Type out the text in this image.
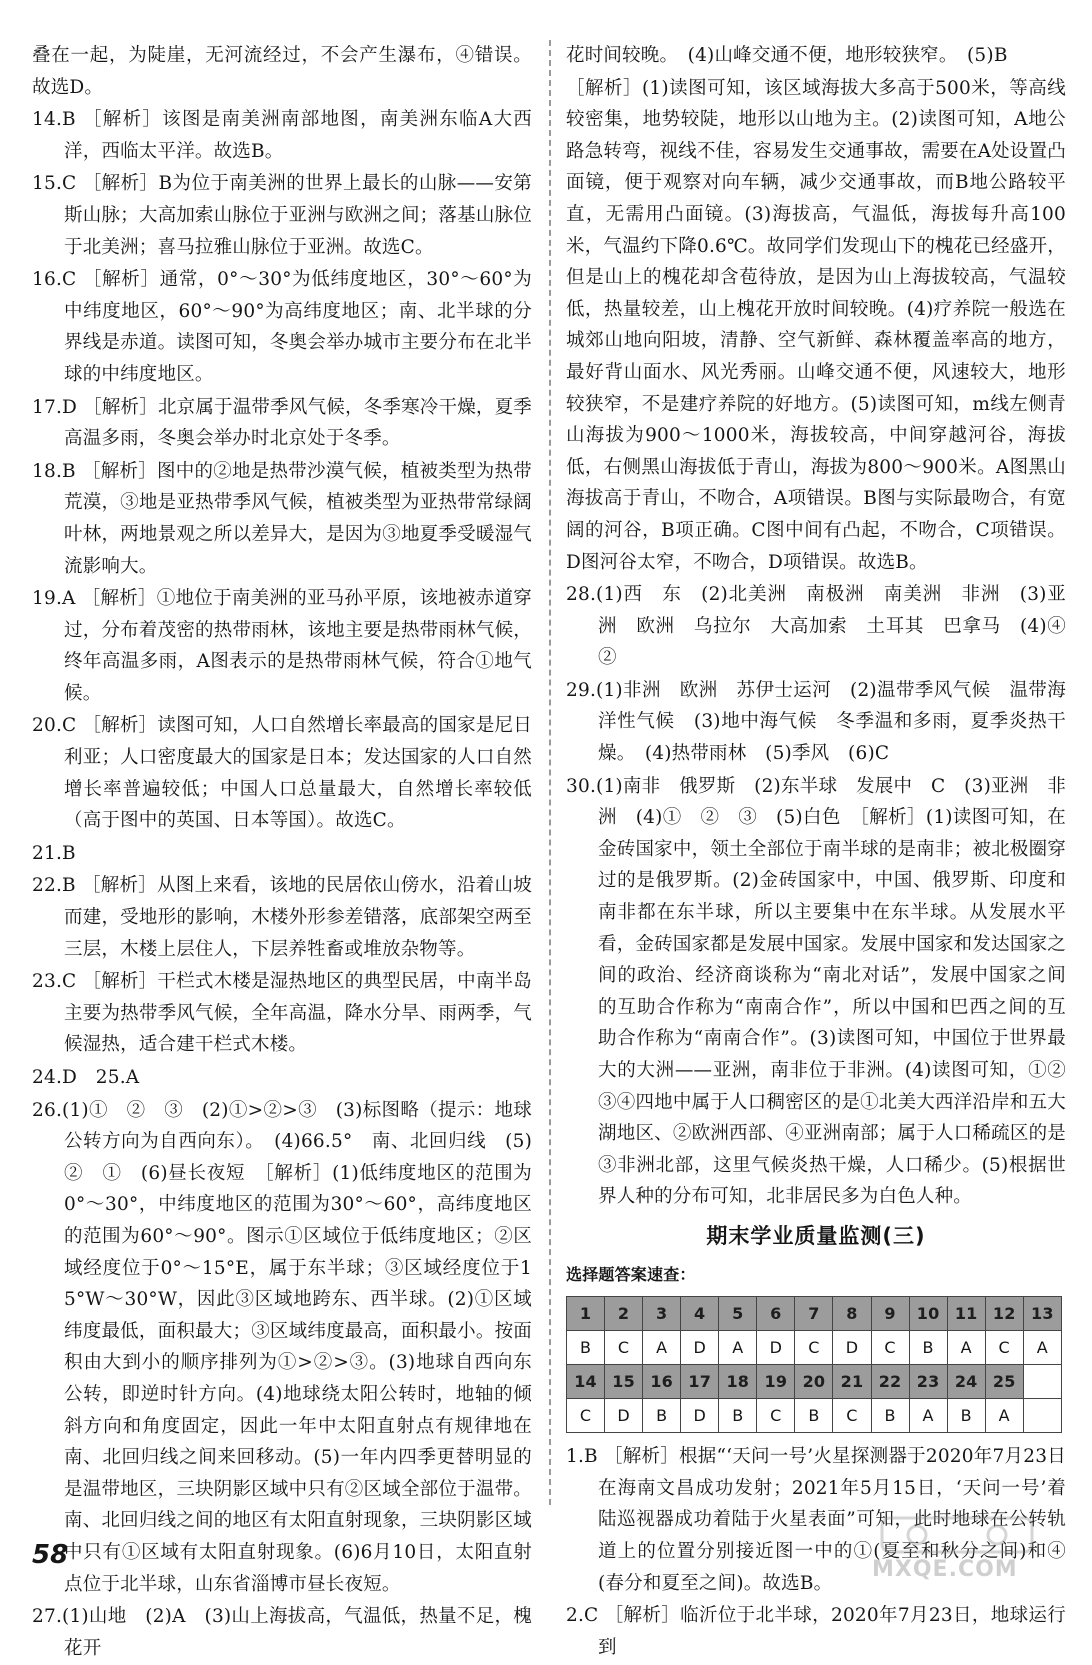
叠在一起，为陡崖，无河流经过，不会产生瀑布，④错误。故选D。

14.B ［解析］该图是南美洲南部地图，南美洲东临A大西洋，西临太平洋。故选B。

15.C ［解析］B为位于南美洲的世界上最长的山脉——安第斯山脉；大高加索山脉位于亚洲与欧洲之间；落基山脉位于北美洲；喜马拉雅山脉位于亚洲。故选C。

16.C ［解析］通常，0°～30°为低纬度地区，30°～60°为中纬度地区，60°～90°为高纬度地区；南、北半球的分界线是赤道。读图可知，冬奥会举办城市主要分布在北半球的中纬度地区。

17.D ［解析］北京属于温带季风气候，冬季寒冷干燥，夏季高温多雨，冬奥会举办时北京处于冬季。

18.B ［解析］图中的②地是热带沙漠气候，植被类型为热带荒漠，③地是亚热带季风气候，植被类型为亚热带常绿阔叶林，两地景观之所以差异大，是因为③地夏季受暖湿气流影响大。

19.A ［解析］①地位于南美洲的亚马孙平原，该地被赤道穿过，分布着茂密的热带雨林，该地主要是热带雨林气候，终年高温多雨，A图表示的是热带雨林气候，符合①地气候。

20.C ［解析］读图可知，人口自然增长率最高的国家是尼日利亚；人口密度最大的国家是日本；发达国家的人口自然增长率普遍较低；中国人口总量最大，自然增长率较低（高于图中的英国、日本等国）。故选C。

21.B

22.B ［解析］从图上来看，该地的民居依山傍水，沿着山坡而建，受地形的影响，木楼外形参差错落，底部架空两至三层，木楼上层住人，下层养牲畜或堆放杂物等。

23.C ［解析］干栏式木楼是湿热地区的典型民居，中南半岛主要为热带季风气候，全年高温，降水分旱、雨两季，气候湿热，适合建干栏式木楼。

24.D　25.A

26.(1)①　②　③　(2)①>②>③　(3)标图略（提示：地球公转方向为自西向东）。　(4)66.5°　南、北回归线　(5)②　①　(6)昼长夜短　［解析］(1)低纬度地区的范围为0°～30°，中纬度地区的范围为30°～60°，高纬度地区的范围为60°～90°。图示①区域位于低纬度地区；②区域经度位于0°～15°E，属于东半球；③区域经度位于15°W～30°W，因此③区域地跨东、西半球。(2)①区域纬度最低，面积最大；③区域纬度最高，面积最小。按面积由大到小的顺序排列为①>②>③。(3)地球自西向东公转，即逆时针方向。(4)地球绕太阳公转时，地轴的倾斜方向和角度固定，因此一年中太阳直射点有规律地在南、北回归线之间来回移动。(5)一年内四季更替明显的是温带地区，三块阴影区域中只有②区域全部位于温带。南、北回归线之间的地区有太阳直射现象，三块阴影区域中只有①区域有太阳直射现象。(6)6月10日，太阳直射点位于北半球，山东省淄博市昼长夜短。

27.(1)山地　(2)A　(3)山上海拔高，气温低，热量不足，槐花开

花时间较晚。　(4)山峰交通不便，地形较狭窄。　(5)B

［解析］(1)读图可知，该区域海拔大多高于500米，等高线较密集，地势较陡，地形以山地为主。(2)读图可知，A地公路急转弯，视线不佳，容易发生交通事故，需要在A处设置凸面镜，便于观察对向车辆，减少交通事故，而B地公路较平直，无需用凸面镜。(3)海拔高，气温低，海拔每升高100米，气温约下降0.6℃。故同学们发现山下的槐花已经盛开，但是山上的槐花却含苞待放，是因为山上海拔较高，气温较低，热量较差，山上槐花开放时间较晚。(4)疗养院一般选在城郊山地向阳坡，清静、空气新鲜、森林覆盖率高的地方，最好背山面水、风光秀丽。山峰交通不便，风速较大，地形较狭窄，不是建疗养院的好地方。(5)读图可知，m线左侧青山海拔为900～1000米，海拔较高，中间穿越河谷，海拔低，右侧黑山海拔低于青山，海拔为800～900米。A图黑山海拔高于青山，不吻合，A项错误。B图与实际最吻合，有宽阔的河谷，B项正确。C图中间有凸起，不吻合，C项错误。D图河谷太窄，不吻合，D项错误。故选B。

28.(1)西　东　(2)北美洲　南极洲　南美洲　非洲　(3)亚洲　欧洲　乌拉尔　大高加索　土耳其　巴拿马　(4)④　②

29.(1)非洲　欧洲　苏伊士运河　(2)温带季风气候　温带海洋性气候　(3)地中海气候　冬季温和多雨，夏季炎热干燥。　(4)热带雨林　(5)季风　(6)C

30.(1)南非　俄罗斯　(2)东半球　发展中　C　(3)亚洲　非洲　(4)①　②　③　(5)白色　［解析］(1)读图可知，在金砖国家中，领土全部位于南半球的是南非；被北极圈穿过的是俄罗斯。(2)金砖国家中，中国、俄罗斯、印度和南非都在东半球，所以主要集中在东半球。从发展水平看，金砖国家都是发展中国家。发展中国家和发达国家之间的政治、经济商谈称为“南北对话”，发展中国家之间的互助合作称为“南南合作”，所以中国和巴西之间的互助合作称为“南南合作”。(3)读图可知，中国位于世界最大的大洲——亚洲，南非位于非洲。(4)读图可知，①②③④四地中属于人口稠密区的是①北美大西洋沿岸和五大湖地区、②欧洲西部、④亚洲南部；属于人口稀疏区的是③非洲北部，这里气候炎热干燥，人口稀少。(5)根据世界人种的分布可知，北非居民多为白色人种。

期末学业质量监测(三)
选择题答案速查：
1	2	3	4	5	6	7	8	9	10	11	12	13
B	C	A	D	A	D	C	D	C	B	A	C	A
14	15	16	17	18	19	20	21	22	23	24	25	
C	D	B	D	B	C	B	C	B	A	B	A	

1.B ［解析］根据“‘天问一号’火星探测器于2020年7月23日在海南文昌成功发射；2021年5月15日，‘天问一号’着陆巡视器成功着陆于火星表面”可知，此时地球在公转轨道上的位置分别接近图一中的①(夏至和秋分之间)和④(春分和夏至之间)。故选B。

2.C ［解析］临沂位于北半球，2020年7月23日，地球运行到

58	MXQE.COM
